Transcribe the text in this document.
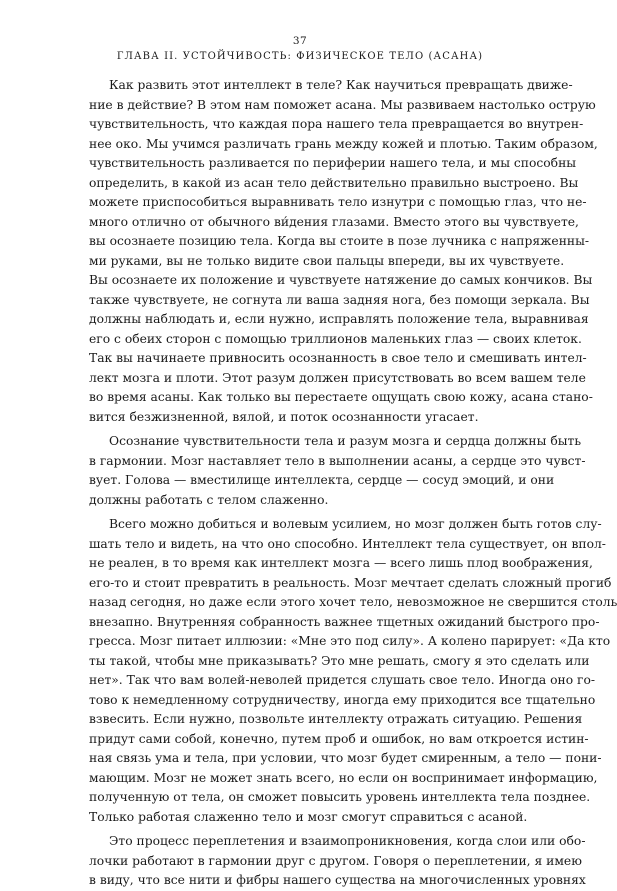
37
ГЛАВА II. УСТОЙЧИВОСТЬ: ФИЗИЧЕСКОЕ ТЕЛО (АСАНА)
Как развить этот интеллект в теле? Как научиться превращать движе-
ние в действие? В этом нам поможет асана. Мы развиваем настолько острую
чувствительность, что каждая пора нашего тела превращается во внутрен-
нее око. Мы учимся различать грань между кожей и плотью. Таким образом,
чувствительность разливается по периферии нашего тела, и мы способны
определить, в какой из асан тело действительно правильно выстроено. Вы
можете приспособиться выравнивать тело изнутри с помощью глаз, что не-
много отлично от обычного ви́дения глазами. Вместо этого вы чувствуете,
вы осознаете позицию тела. Когда вы стоите в позе лучника с напряженны-
ми руками, вы не только видите свои пальцы впереди, вы их чувствуете.
Вы осознаете их положение и чувствуете натяжение до самых кончиков. Вы
также чувствуете, не согнута ли ваша задняя нога, без помощи зеркала. Вы
должны наблюдать и, если нужно, исправлять положение тела, выравнивая
его с обеих сторон с помощью триллионов маленьких глаз — своих клеток.
Так вы начинаете привносить осознанность в свое тело и смешивать интел-
лект мозга и плоти. Этот разум должен присутствовать во всем вашем теле
во время асаны. Как только вы перестаете ощущать свою кожу, асана стано-
вится безжизненной, вялой, и поток осознанности угасает.
Осознание чувствительности тела и разум мозга и сердца должны быть
в гармонии. Мозг наставляет тело в выполнении асаны, а сердце это чувст-
вует. Голова — вместилище интеллекта, сердце — сосуд эмоций, и они
должны работать с телом слаженно.
Всего можно добиться и волевым усилием, но мозг должен быть готов слу-
шать тело и видеть, на что оно способно. Интеллект тела существует, он впол-
не реален, в то время как интеллект мозга — всего лишь плод воображения,
его-то и стоит превратить в реальность. Мозг мечтает сделать сложный прогиб
назад сегодня, но даже если этого хочет тело, невозможное не свершится столь
внезапно. Внутренняя собранность важнее тщетных ожиданий быстрого про-
гресса. Мозг питает иллюзии: «Мне это под силу». А колено парирует: «Да кто
ты такой, чтобы мне приказывать? Это мне решать, смогу я это сделать или
нет». Так что вам волей-неволей придется слушать свое тело. Иногда оно го-
тово к немедленному сотрудничеству, иногда ему приходится все тщательно
взвесить. Если нужно, позвольте интеллекту отражать ситуацию. Решения
придут сами собой, конечно, путем проб и ошибок, но вам откроется истин-
ная связь ума и тела, при условии, что мозг будет смиренным, а тело — пони-
мающим. Мозг не может знать всего, но если он воспринимает информацию,
полученную от тела, он сможет повысить уровень интеллекта тела позднее.
Только работая слаженно тело и мозг смогут справиться с асаной.
Это процесс переплетения и взаимопроникновения, когда слои или обо-
лочки работают в гармонии друг с другом. Говоря о переплетении, я имею
в виду, что все нити и фибры нашего существа на многочисленных уровнях
